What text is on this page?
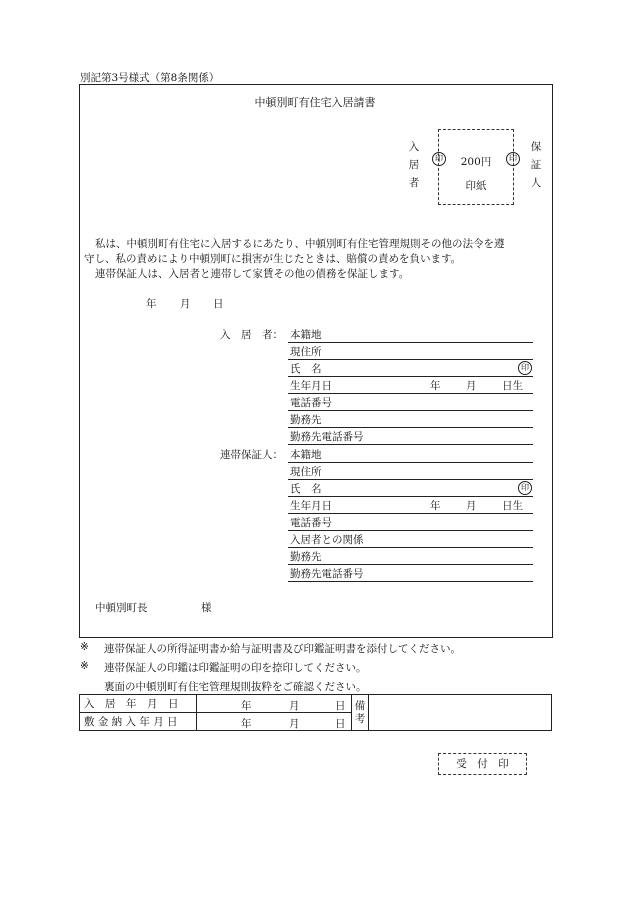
別記第3号様式（第8条関係）
中頓別町有住宅入居請書
入
居
者
印	200円
印紙
印
保
証
人
私は、中頓別町有住宅に入居するにあたり、中頓別町有住宅管理規則その他の法令を遵
守し、私の責めにより中頓別町に損害が生じたときは、賠償の責めを負います。
連帯保証人は、入居者と連帯して家賃その他の債務を保証します。
年 月 日
入　居　者： 本籍地
現住所
氏　名	印
生年月日	年 月 日生
電話番号
勤務先
勤務先電話番号
連帯保証人： 本籍地
現住所
氏　名	印
生年月日	年 月 日生
電話番号
入居者との関係
勤務先
勤務先電話番号
中頓別町長	様
※ 連帯保証人の所得証明書か給与証明書及び印鑑証明書を添付してください。
※ 連帯保証人の印鑑は印鑑証明の印を捺印してください。
裏面の中頓別町有住宅管理規則抜粋をご確認ください。
入　居　年　月　日	年 月 日	備
考	
敷 金 納 入 年 月 日	年 月 日		
受　付　印
